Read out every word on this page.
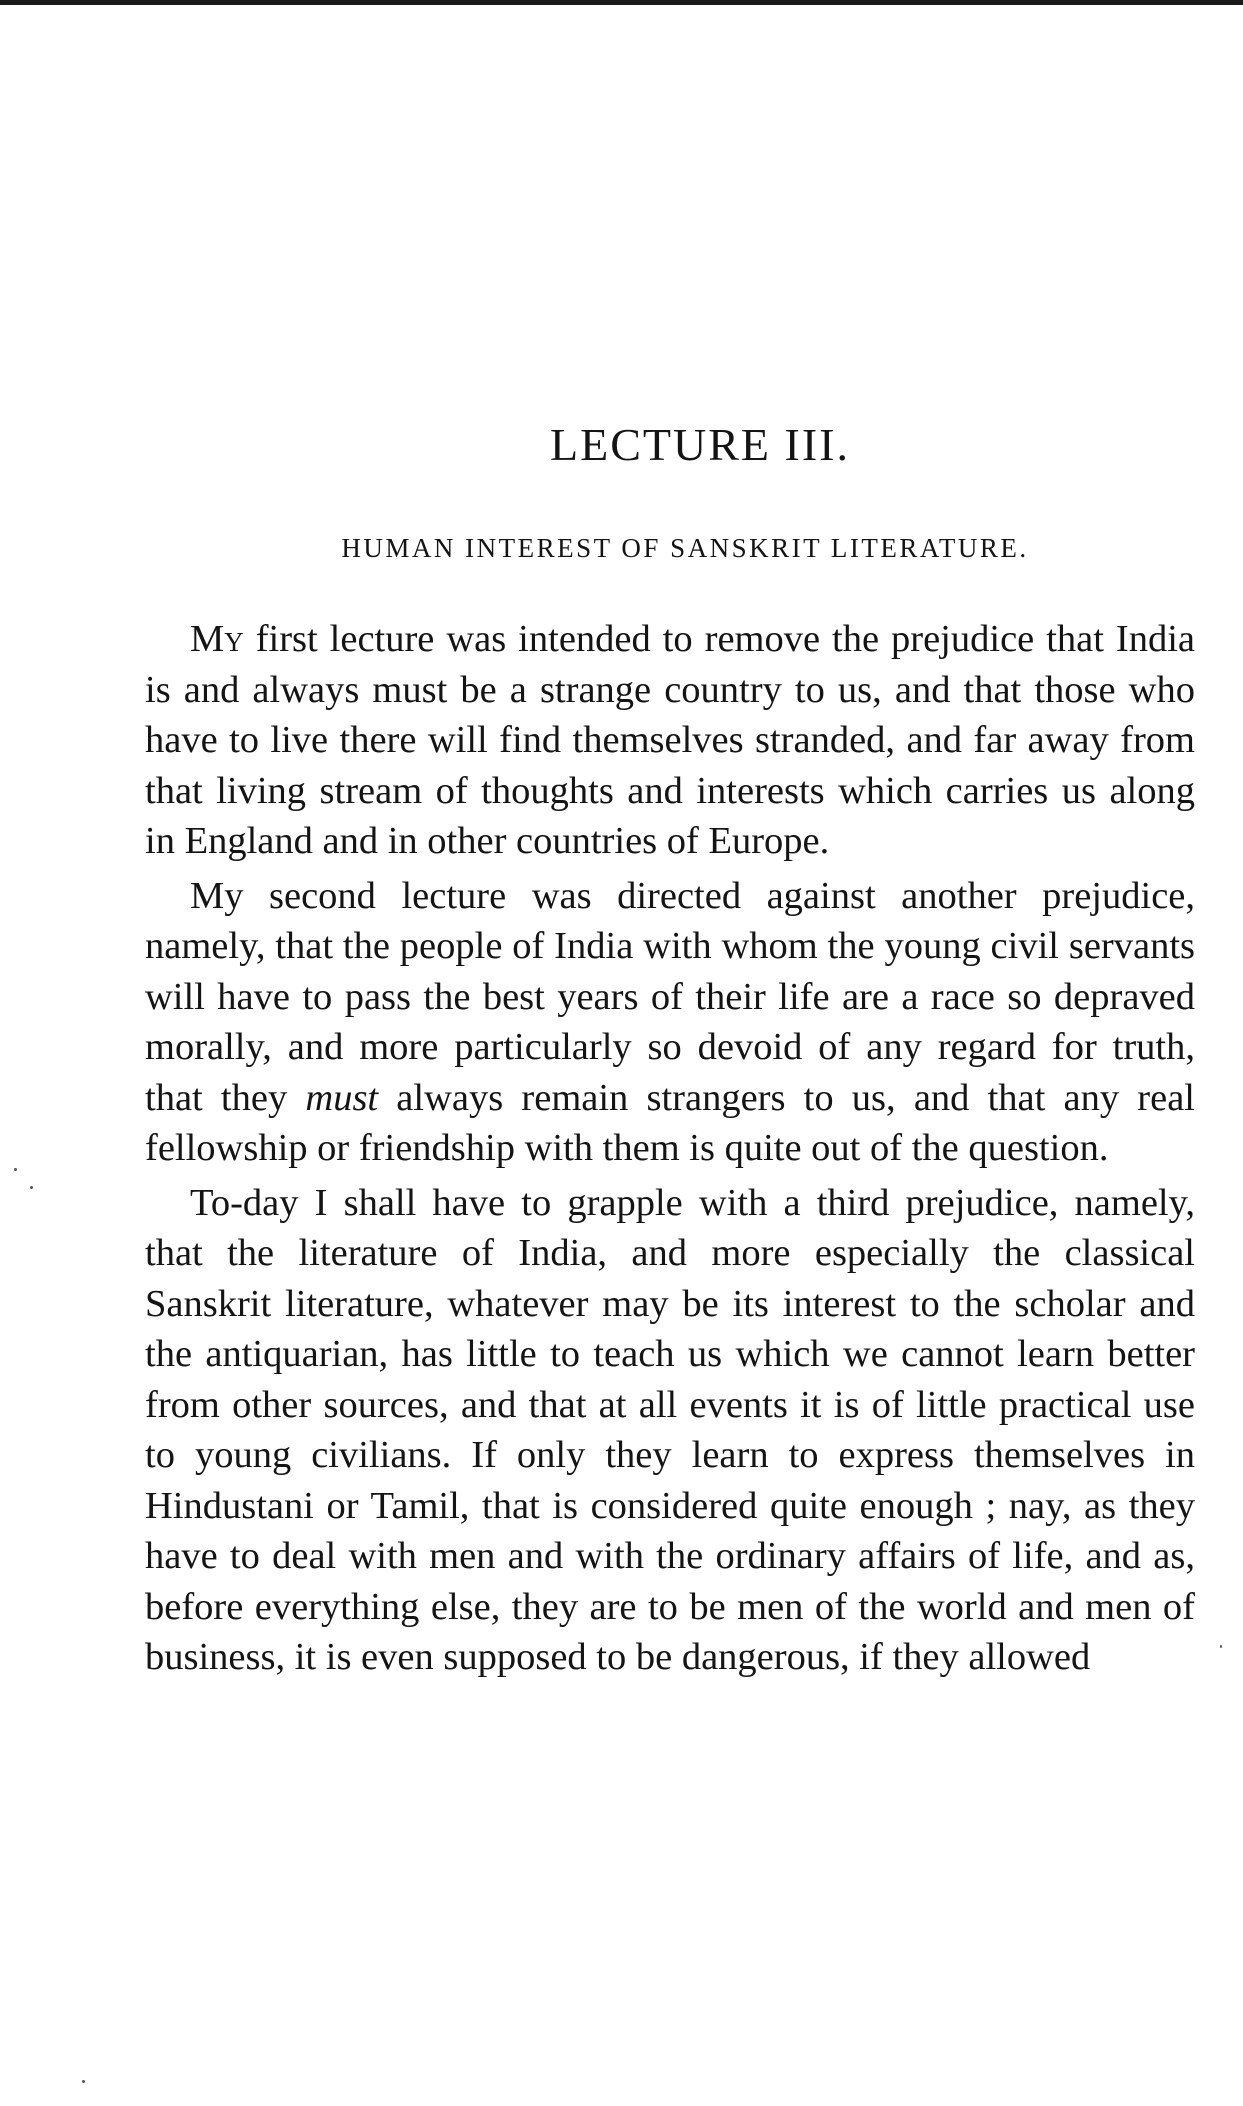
LECTURE III.
HUMAN INTEREST OF SANSKRIT LITERATURE.

My first lecture was intended to remove the prejudice that India is and always must be a strange country to us, and that those who have to live there will find themselves stranded, and far away from that living stream of thoughts and interests which carries us along in England and in other countries of Europe.

My second lecture was directed against another prejudice, namely, that the people of India with whom the young civil servants will have to pass the best years of their life are a race so depraved morally, and more particularly so devoid of any regard for truth, that they must always remain strangers to us, and that any real fellowship or friendship with them is quite out of the question.

To-day I shall have to grapple with a third prejudice, namely, that the literature of India, and more especially the classical Sanskrit literature, whatever may be its interest to the scholar and the antiquarian, has little to teach us which we cannot learn better from other sources, and that at all events it is of little practical use to young civilians. If only they learn to express themselves in Hindustani or Tamil, that is considered quite enough ; nay, as they have to deal with men and with the ordinary affairs of life, and as, before everything else, they are to be men of the world and men of business, it is even supposed to be dangerous, if they allowed
